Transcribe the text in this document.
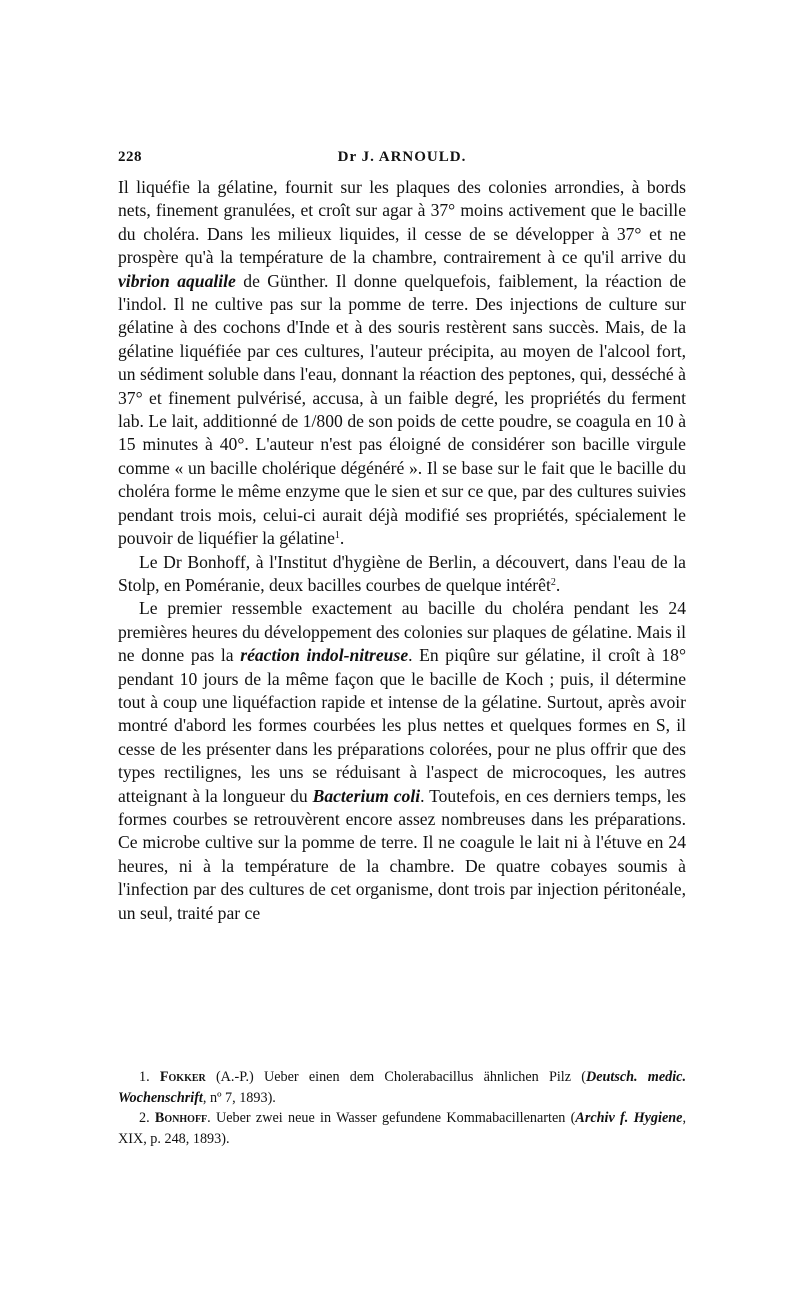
228	Dr J. ARNOULD.

Il liquéfie la gélatine, fournit sur les plaques des colonies arrondies, à bords nets, finement granulées, et croît sur agar à 37° moins activement que le bacille du choléra. Dans les milieux liquides, il cesse de se développer à 37° et ne prospère qu'à la température de la chambre, contrairement à ce qu'il arrive du vibrion aqualile de Günther. Il donne quelquefois, faiblement, la réaction de l'indol. Il ne cultive pas sur la pomme de terre. Des injections de culture sur gélatine à des cochons d'Inde et à des souris restèrent sans succès. Mais, de la gélatine liquéfiée par ces cultures, l'auteur précipita, au moyen de l'alcool fort, un sédiment soluble dans l'eau, donnant la réaction des peptones, qui, desséché à 37° et finement pulvérisé, accusa, à un faible degré, les propriétés du ferment lab. Le lait, additionné de 1/800 de son poids de cette poudre, se coagula en 10 à 15 minutes à 40°. L'auteur n'est pas éloigné de considérer son bacille virgule comme « un bacille cholérique dégénéré ». Il se base sur le fait que le bacille du choléra forme le même enzyme que le sien et sur ce que, par des cultures suivies pendant trois mois, celui-ci aurait déjà modifié ses propriétés, spécialement le pouvoir de liquéfier la gélatine$^1$.

Le Dr Bonhoff, à l'Institut d'hygiène de Berlin, a découvert, dans l'eau de la Stolp, en Poméranie, deux bacilles courbes de quelque intérêt$^2$.

Le premier ressemble exactement au bacille du choléra pendant les 24 premières heures du développement des colonies sur plaques de gélatine. Mais il ne donne pas la réaction indol-nitreuse. En piqûre sur gélatine, il croît à 18° pendant 10 jours de la même façon que le bacille de Koch ; puis, il détermine tout à coup une liquéfaction rapide et intense de la gélatine. Surtout, après avoir montré d'abord les formes courbées les plus nettes et quelques formes en S, il cesse de les présenter dans les préparations colorées, pour ne plus offrir que des types rectilignes, les uns se réduisant à l'aspect de microcoques, les autres atteignant à la longueur du Bacterium coli. Toutefois, en ces derniers temps, les formes courbes se retrouvèrent encore assez nombreuses dans les préparations. Ce microbe cultive sur la pomme de terre. Il ne coagule le lait ni à l'étuve en 24 heures, ni à la température de la chambre. De quatre cobayes soumis à l'infection par des cultures de cet organisme, dont trois par injection péritonéale, un seul, traité par ce

1. Fokker (A.-P.) Ueber einen dem Cholerabacillus ähnlichen Pilz (Deutsch. medic. Wochenschrift, nº 7, 1893).

2. Bonhoff. Ueber zwei neue in Wasser gefundene Kommabacillenarten (Archiv f. Hygiene, XIX, p. 248, 1893).
